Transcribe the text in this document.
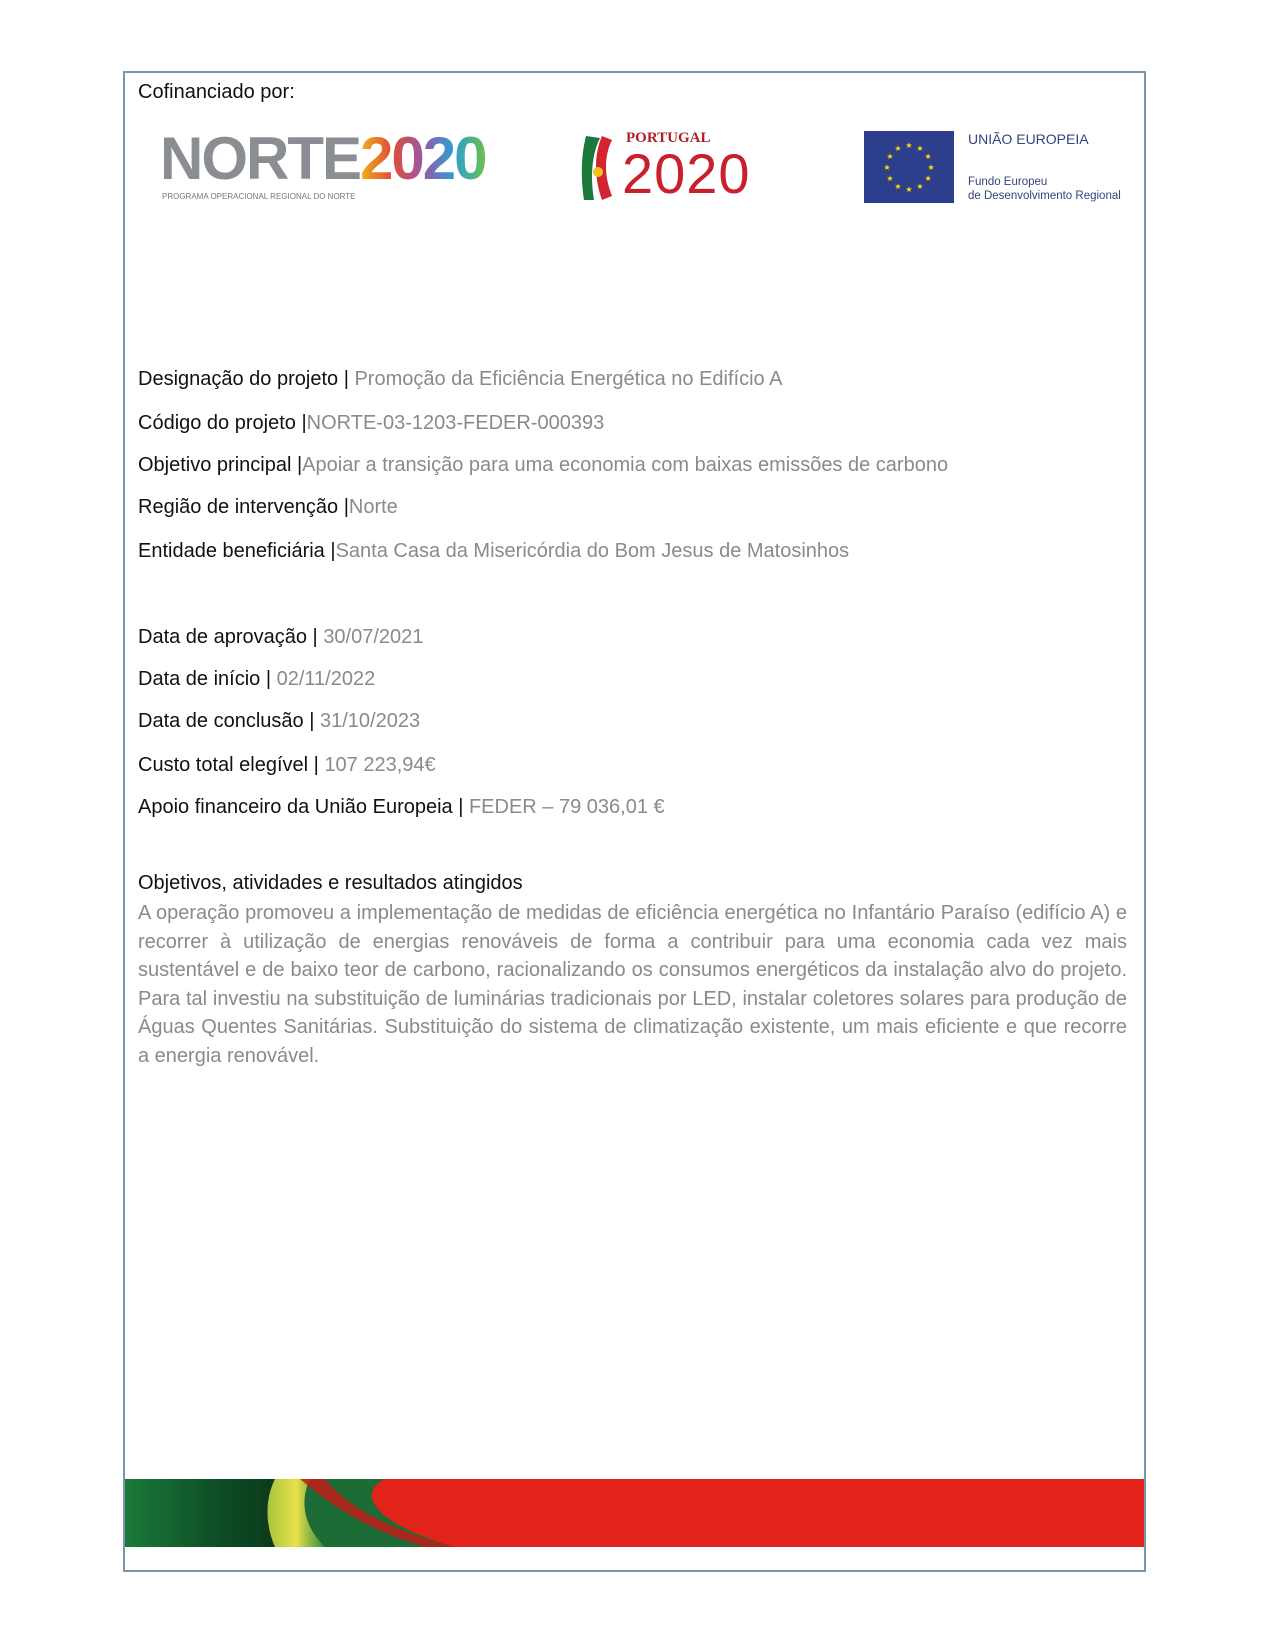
Cofinanciado por:
NORTE2020
PROGRAMA OPERACIONAL REGIONAL DO NORTE
PORTUGAL
2020	★ ★
★
★
★
★
★
★
★
★
★
★
UNIÃO EUROPEIA
Fundo Europeu
de Desenvolvimento Regional
Designação do projeto | Promoção da Eficiência Energética no Edifício A
Código do projeto |NORTE-03-1203-FEDER-000393
Objetivo principal |Apoiar a transição para uma economia com baixas emissões de carbono
Região de intervenção |Norte
Entidade beneficiária |Santa Casa da Misericórdia do Bom Jesus de Matosinhos
Data de aprovação | 30/07/2021
Data de início | 02/11/2022
Data de conclusão | 31/10/2023
Custo total elegível | 107 223,94€
Apoio financeiro da União Europeia | FEDER – 79 036,01 €
Objetivos, atividades e resultados atingidos
A operação promoveu a implementação de medidas de eficiência energética no Infantário Paraíso (edifício A) e recorrer à utilização de energias renováveis de forma a contribuir para uma economia cada vez mais sustentável e de baixo teor de carbono, racionalizando os consumos energéticos da instalação alvo do projeto. Para tal investiu na substituição de luminárias tradicionais por LED, instalar coletores solares para produção de Águas Quentes Sanitárias. Substituição do sistema de climatização existente, um mais eficiente e que recorre a energia renovável.
